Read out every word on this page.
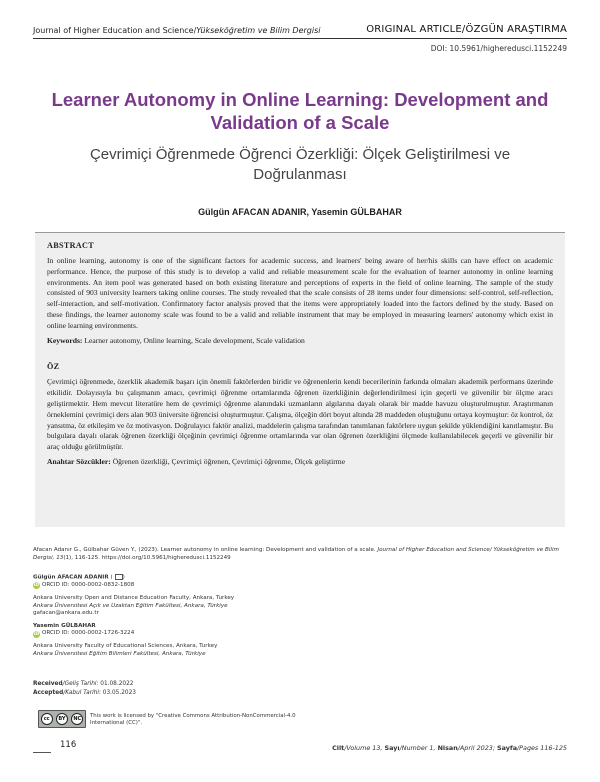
Journal of Higher Education and Science/Yükseköğretim ve Bilim Dergisi	ORIGINAL ARTICLE/ÖZGÜN ARAŞTIRMA
DOI: 10.5961/higheredusci.1152249
Learner Autonomy in Online Learning: Development and Validation of a Scale
Çevrimiçi Öğrenmede Öğrenci Özerkliği: Ölçek Geliştirilmesi ve Doğrulanması
Gülgün AFACAN ADANIR, Yasemin GÜLBAHAR
ABSTRACT

In online learning, autonomy is one of the significant factors for academic success, and learners' being aware of her/his skills can have effect on academic performance. Hence, the purpose of this study is to develop a valid and reliable measurement scale for the evaluation of learner autonomy in online learning environments. An item pool was generated based on both existing literature and perceptions of experts in the field of online learning. The sample of the study consisted of 903 university learners taking online courses. The study revealed that the scale consists of 28 items under four dimensions: self-control, self-reflection, self-interaction, and self-motivation. Confirmatory factor analysis proved that the items were appropriately loaded into the factors defined by the study. Based on these findings, the learner autonomy scale was found to be a valid and reliable instrument that may be employed in measuring learners' autonomy which exist in online learning environments.

Keywords: Learner autonomy, Online learning, Scale development, Scale validation

ÖZ

Çevrimiçi öğrenmede, özerklik akademik başarı için önemli faktörlerden biridir ve öğrenenlerin kendi becerilerinin farkında olmaları akademik performans üzerinde etkilidir. Dolayısıyla bu çalışmanın amacı, çevrimiçi öğrenme ortamlarında öğrenen özerkliğinin değerlendirilmesi için geçerli ve güvenilir bir ölçme aracı geliştirmektir. Hem mevcut literatüre hem de çevrimiçi öğrenme alanındaki uzmanların algılarına dayalı olarak bir madde havuzu oluşturulmuştur. Araştırmanın örneklemini çevrimiçi ders alan 903 üniversite öğrencisi oluşturmuştur. Çalışma, ölçeğin dört boyut altında 28 maddeden oluştuğunu ortaya koymuştur: öz kontrol, öz yansıtma, öz etkileşim ve öz motivasyon. Doğrulayıcı faktör analizi, maddelerin çalışma tarafından tanımlanan faktörlere uygun şekilde yüklendiğini kanıtlamıştır. Bu bulgulara dayalı olarak öğrenen özerkliği ölçeğinin çevrimiçi öğrenme ortamlarında var olan öğrenen özerkliğini ölçmede kullanılabilecek geçerli ve güvenilir bir araç olduğu görülmüştür.

Anahtar Sözcükler: Öğrenen özerkliği, Çevrimiçi öğrenen, Çevrimiçi öğrenme, Ölçek geliştirme

Afacan Adanır G., Gülbahar Güven Y., (2023). Learner autonomy in online learning: Development and validation of a scale. Journal of Higher Education and Science/ Yükseköğretim ve Bilim Dergisi, 13(1), 116-125. https://doi.org/10.5961/higheredusci.1152249
Gülgün AFACAN ADANIR ( )
iD ORCID ID: 0000-0002-0832-1808
Ankara University Open and Distance Education Faculty, Ankara, Turkey
Ankara Üniversitesi Açık ve Uzaktan Eğitim Fakültesi, Ankara, Türkiye
gafacan@ankara.edu.tr
Yasemin GÜLBAHAR
iD ORCID ID: 0000-0002-1726-3224
Ankara University Faculty of Educational Sciences, Ankara, Turkey
Ankara Üniversitesi Eğitim Bilimleri Fakültesi, Ankara, Türkiye
Received/Geliş Tarihi: 01.08.2022
Accepted/Kabul Tarihi: 03.05.2023
cc	BY	NC	This work is licensed by "Creative Commons Attribution-NonCommercial-4.0 International (CC)".
116	Cilt/Volume 13, Sayı/Number 1, Nisan/April 2023; Sayfa/Pages 116-125
